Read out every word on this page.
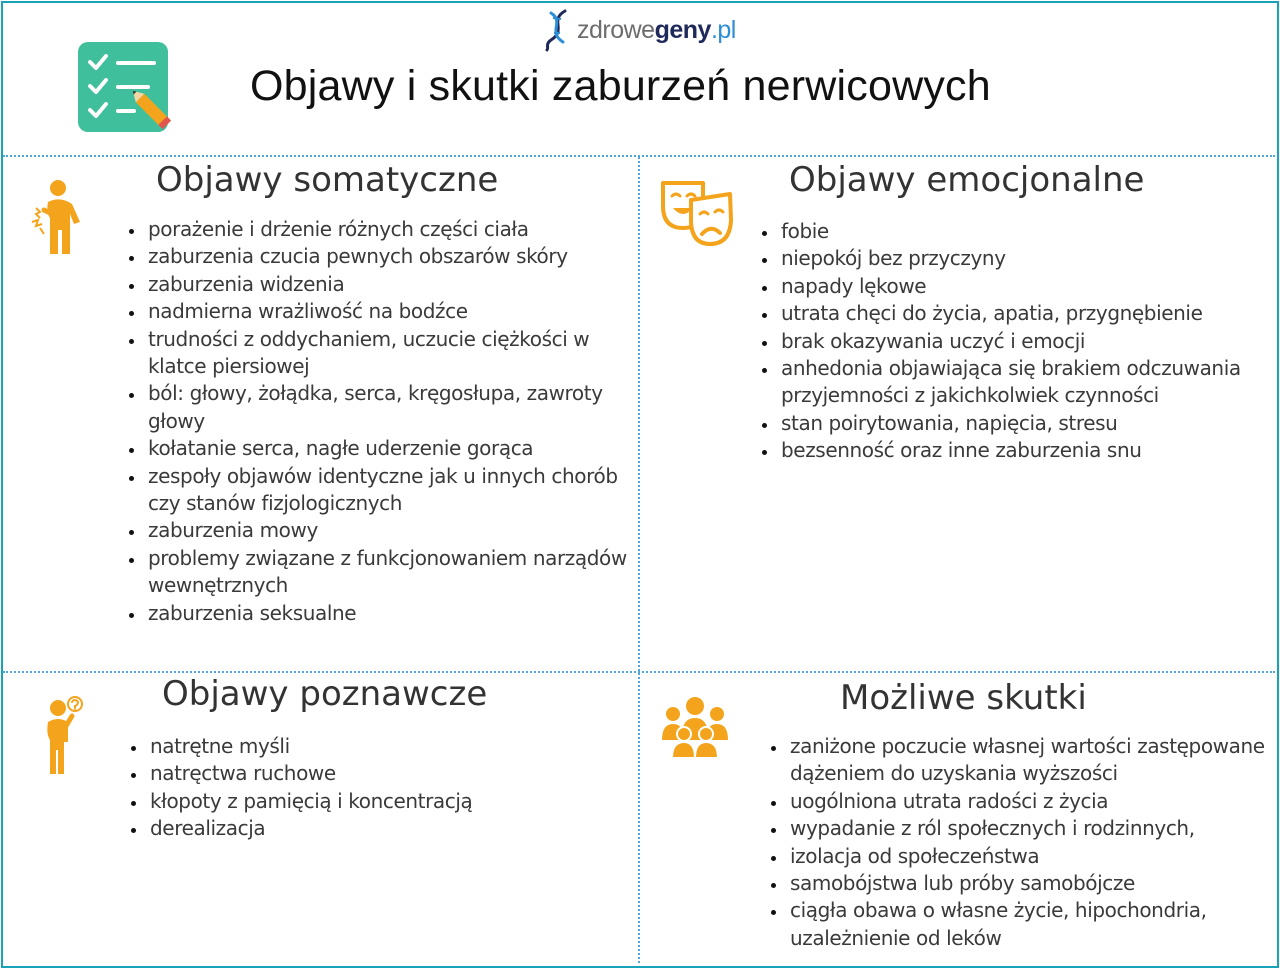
zdrowegeny.pl
Objawy i skutki zaburzeń nerwicowych
Objawy somatyczne
• porażenie i drżenie różnych części ciała
• zaburzenia czucia pewnych obszarów skóry
• zaburzenia widzenia
• nadmierna wrażliwość na bodźce
• trudności z oddychaniem, uczucie ciężkości w klatce piersiowej
• ból: głowy, żołądka, serca, kręgosłupa, zawroty głowy
• kołatanie serca, nagłe uderzenie gorąca
• zespoły objawów identyczne jak u innych chorób czy stanów fizjologicznych
• zaburzenia mowy
• problemy związane z funkcjonowaniem narządów wewnętrznych
• zaburzenia seksualne
Objawy emocjonalne
• fobie
• niepokój bez przyczyny
• napady lękowe
• utrata chęci do życia, apatia, przygnębienie
• brak okazywania uczyć i emocji
• anhedonia objawiająca się brakiem odczuwania przyjemności z jakichkolwiek czynności
• stan poirytowania, napięcia, stresu
• bezsenność oraz inne zaburzenia snu
Objawy poznawcze
• natrętne myśli
• natręctwa ruchowe
• kłopoty z pamięcią i koncentracją
• derealizacja
Możliwe skutki
• zaniżone poczucie własnej wartości zastępowane dążeniem do uzyskania wyższości
• uogólniona utrata radości z życia
• wypadanie z ról społecznych i rodzinnych,
• izolacja od społeczeństwa
• samobójstwa lub próby samobójcze
• ciągła obawa o własne życie, hipochondria, uzależnienie od leków
